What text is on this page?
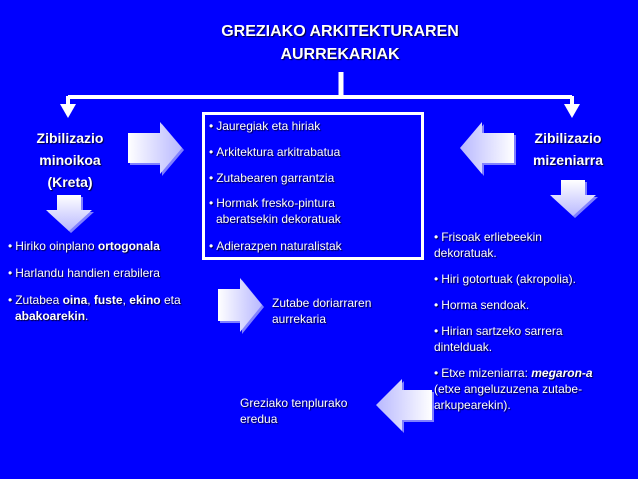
GREZIAKO ARKITEKTURAREN
AURREKARIAK
Zibilizazio
minoikoa
(Kreta)
Zibilizazio
mizeniarra
• Jauregiak eta hiriak
• Arkitektura arkitrabatua
• Zutabearen garrantzia
• Hormak fresko-pintura
aberatsekin dekoratuak
• Adierazpen naturalistak
• Hiriko oinplano ortogonala
• Harlandu handien erabilera
• Zutabea oina, fuste, ekino eta
abakoarekin.
Zutabe doriarraren
aurrekaria
• Frisoak erliebeekin
dekoratuak.
• Hiri gotortuak (akropolia).
• Horma sendoak.
• Hirian sartzeko sarrera
dintelduak.
• Etxe mizeniarra: megaron-a
(etxe angeluzuzena zutabe-
arkupearekin).
Greziako tenplurako
eredua
